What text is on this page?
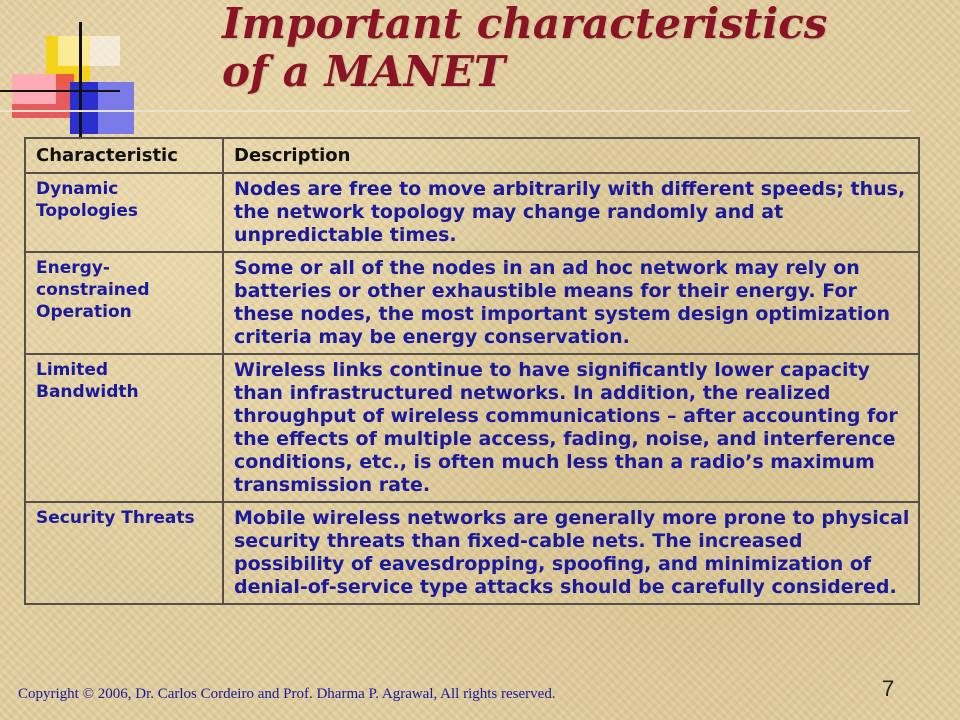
Important characteristics
of a MANET
Characteristic	Description
Dynamic Topologies	Nodes are free to move arbitrarily with different speeds; thus, the network topology may change randomly and at unpredictable times.
Energy-constrained Operation	Some or all of the nodes in an ad hoc network may rely on batteries or other exhaustible means for their energy. For these nodes, the most important system design optimization criteria may be energy conservation.
Limited Bandwidth	Wireless links continue to have significantly lower capacity than infrastructured networks. In addition, the realized throughput of wireless communications – after accounting for the effects of multiple access, fading, noise, and interference conditions, etc., is often much less than a radio’s maximum transmission rate.
Security Threats	Mobile wireless networks are generally more prone to physical security threats than fixed-cable nets. The increased possibility of eavesdropping, spoofing, and minimization of denial-of-service type attacks should be carefully considered.
Copyright © 2006, Dr. Carlos Cordeiro and Prof. Dharma P. Agrawal, All rights reserved.	7
